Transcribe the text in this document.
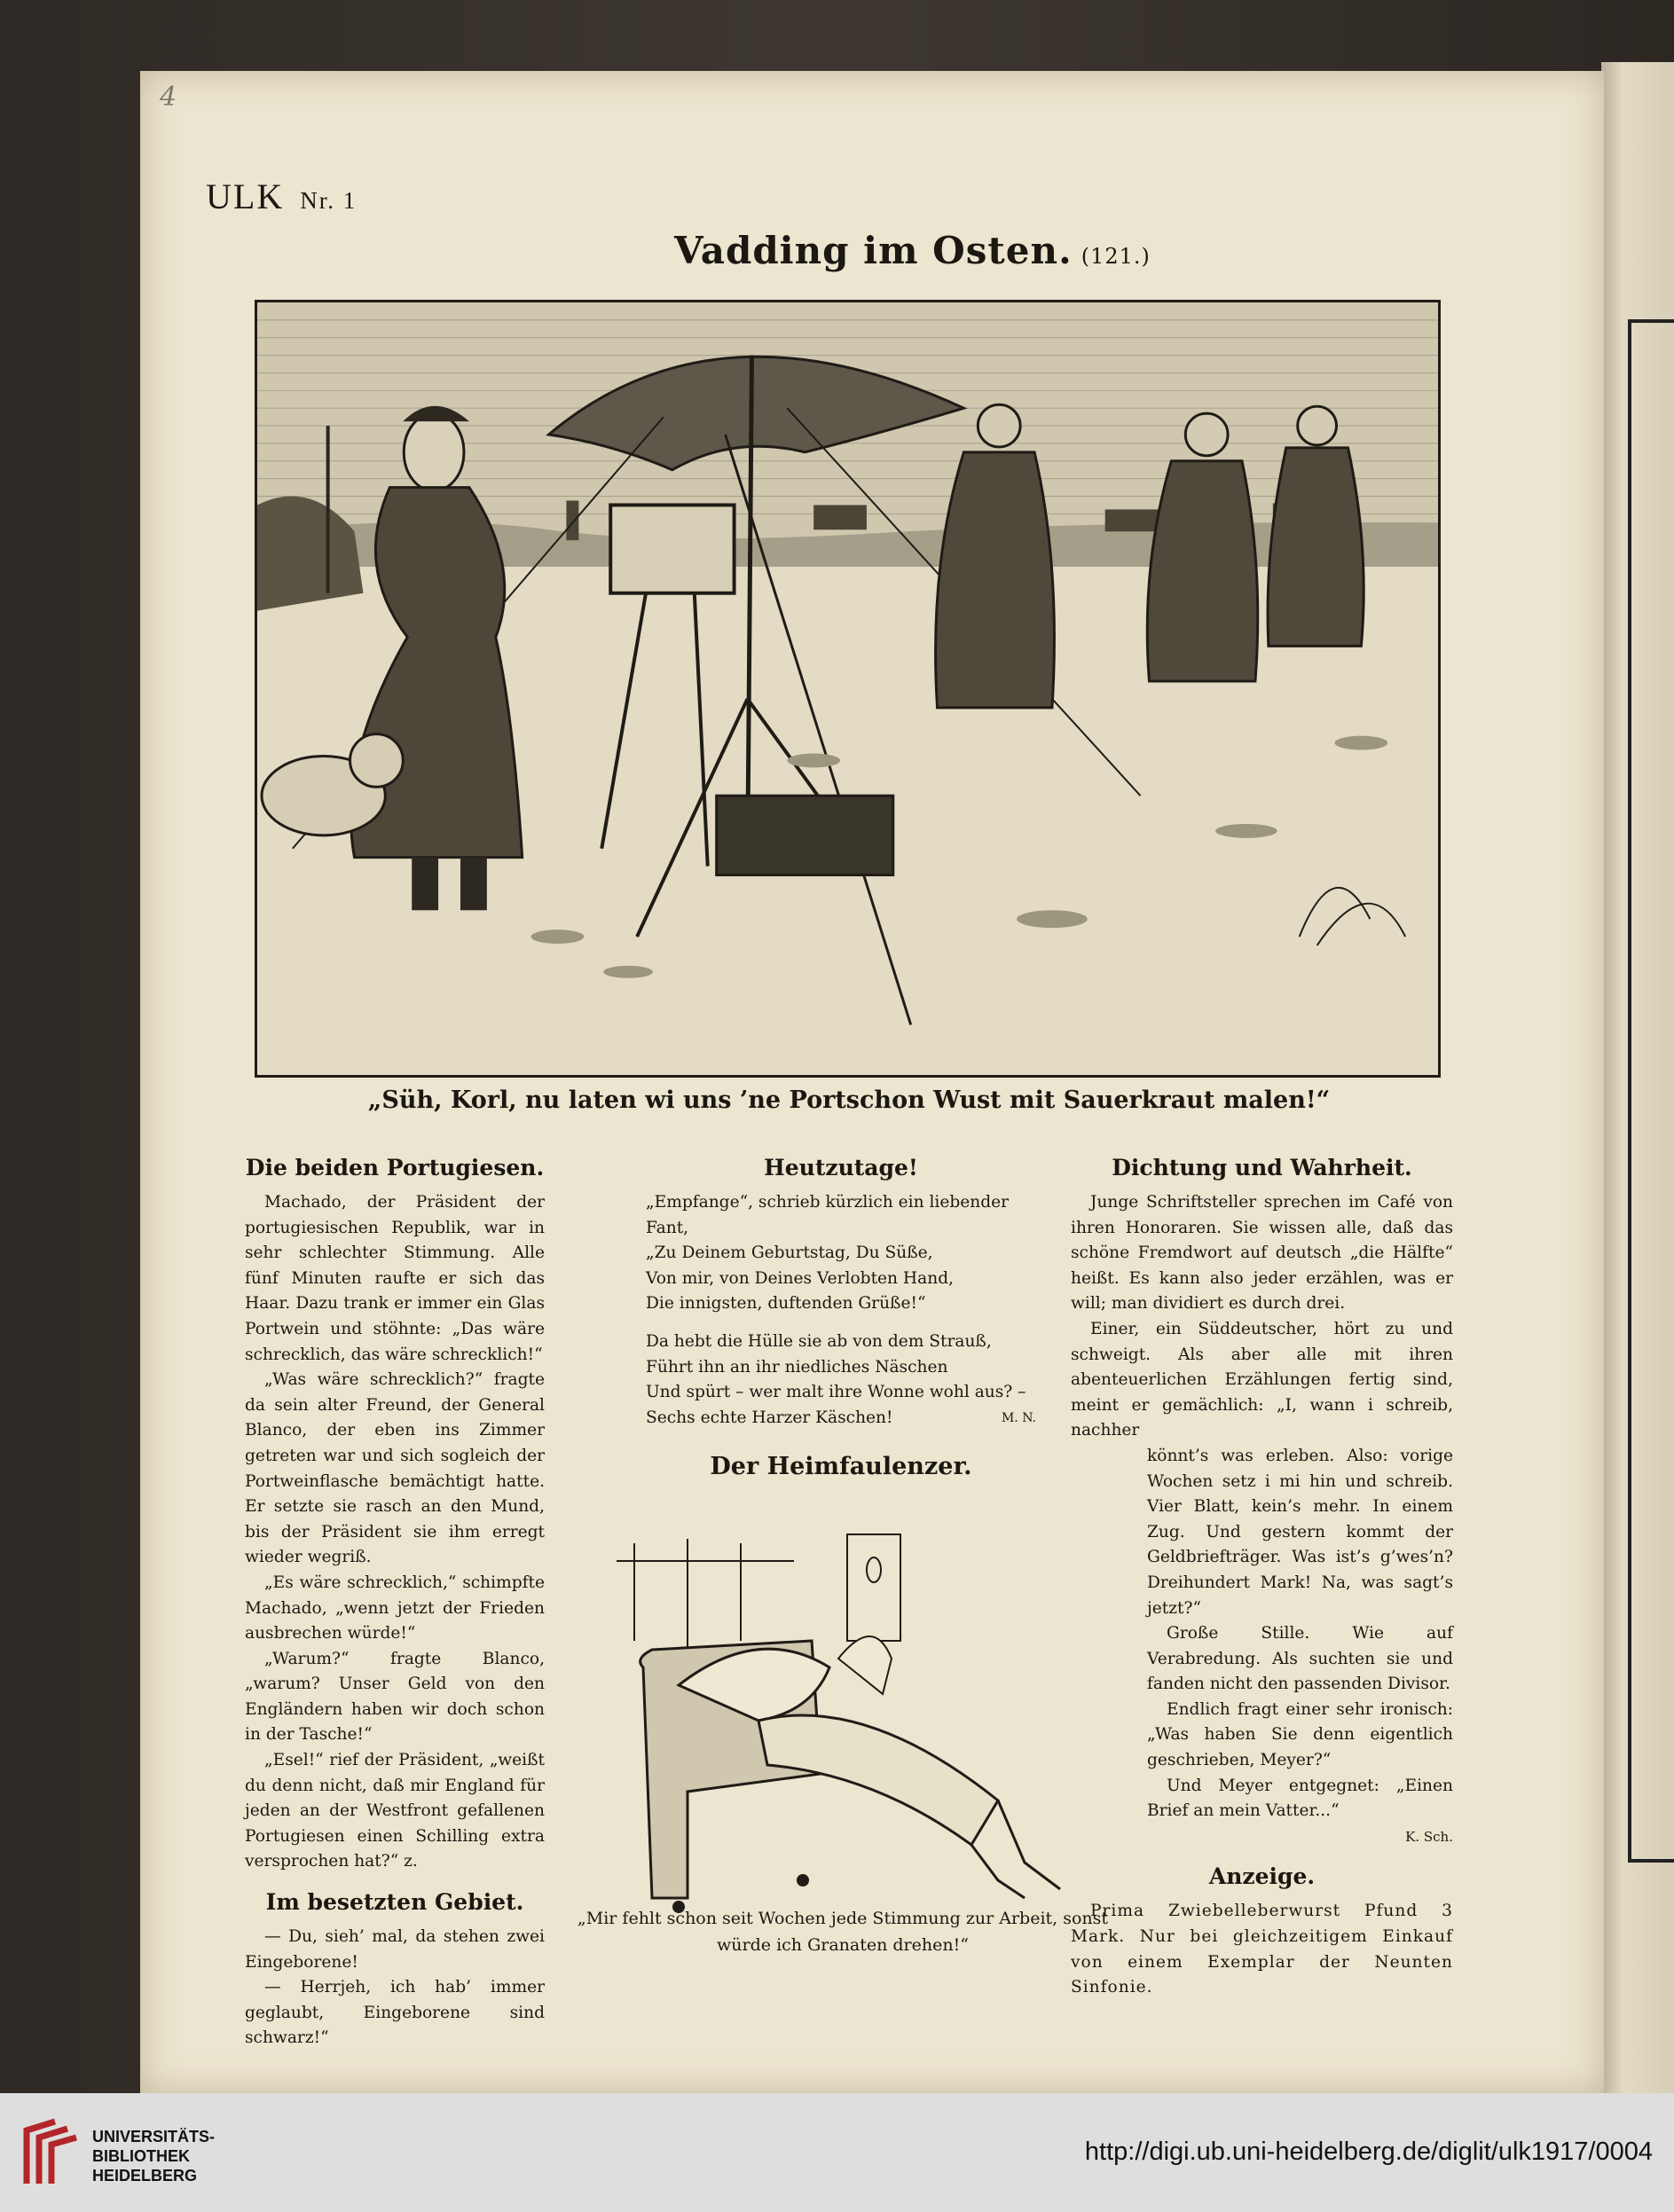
4
ULK Nr. 1
Vadding im Osten. (121.)
„Süh, Korl, nu laten wi uns ’ne Portschon Wust mit Sauerkraut malen!“
Die beiden Portugiesen.

Machado, der Präsident der portugiesischen Republik, war in sehr schlechter Stimmung. Alle fünf Minuten raufte er sich das Haar. Dazu trank er immer ein Glas Portwein und stöhnte: „Das wäre schrecklich, das wäre schrecklich!“

„Was wäre schrecklich?“ fragte da sein alter Freund, der General Blanco, der eben ins Zimmer getreten war und sich sogleich der Portweinflasche bemächtigt hatte. Er setzte sie rasch an den Mund, bis der Präsident sie ihm erregt wieder wegriß.

„Es wäre schrecklich,“ schimpfte Machado, „wenn jetzt der Frieden ausbrechen würde!“

„Warum?“ fragte Blanco, „warum? Unser Geld von den Engländern haben wir doch schon in der Tasche!“

„Esel!“ rief der Präsident, „weißt du denn nicht, daß mir England für jeden an der Westfront gefallenen Portugiesen einen Schilling extra versprochen hat?“ z.

Im besetzten Gebiet.

— Du, sieh’ mal, da stehen zwei Eingeborene!

— Herrjeh, ich hab’ immer geglaubt, Eingeborene sind schwarz!“

Heutzutage!
„Empfange“, schrieb kürzlich ein liebender Fant,
„Zu Deinem Geburtstag, Du Süße,
Von mir, von Deines Verlobten Hand,
Die innigsten, duftenden Grüße!“
Da hebt die Hülle sie ab von dem Strauß,
Führt ihn an ihr niedliches Näschen
Und spürt – wer malt ihre Wonne wohl aus? –
Sechs echte Harzer Käschen!	M. N.
Der Heimfaulenzer.
„Mir fehlt schon seit Wochen jede Stimmung zur Arbeit, sonst würde ich Granaten drehen!“
Dichtung und Wahrheit.

Junge Schriftsteller sprechen im Café von ihren Honoraren. Sie wissen alle, daß das schöne Fremdwort auf deutsch „die Hälfte“ heißt. Es kann also jeder erzählen, was er will; man dividiert es durch drei.

Einer, ein Süddeutscher, hört zu und schweigt. Als aber alle mit ihren abenteuerlichen Erzählungen fertig sind, meint er gemächlich: „I, wann i schreib, nachher

könnt’s was erleben. Also: vorige Wochen setz i mi hin und schreib. Vier Blatt, kein’s mehr. In einem Zug. Und gestern kommt der Geldbriefträger. Was ist’s g’wes’n? Dreihundert Mark! Na, was sagt’s jetzt?“

Große Stille. Wie auf Verabredung. Als suchten sie und fanden nicht den passenden Divisor.

Endlich fragt einer sehr ironisch: „Was haben Sie denn eigentlich geschrieben, Meyer?“

Und Meyer entgegnet: „Einen Brief an mein Vatter...“

K. Sch.
Anzeige.

Prima Zwiebelleberwurst Pfund 3 Mark. Nur bei gleichzeitigem Einkauf von einem Exemplar der Neunten Sinfonie.

UNIVERSITÄTS-
BIBLIOTHEK
HEIDELBERG
http://digi.ub.uni-heidelberg.de/diglit/ulk1917/0004
